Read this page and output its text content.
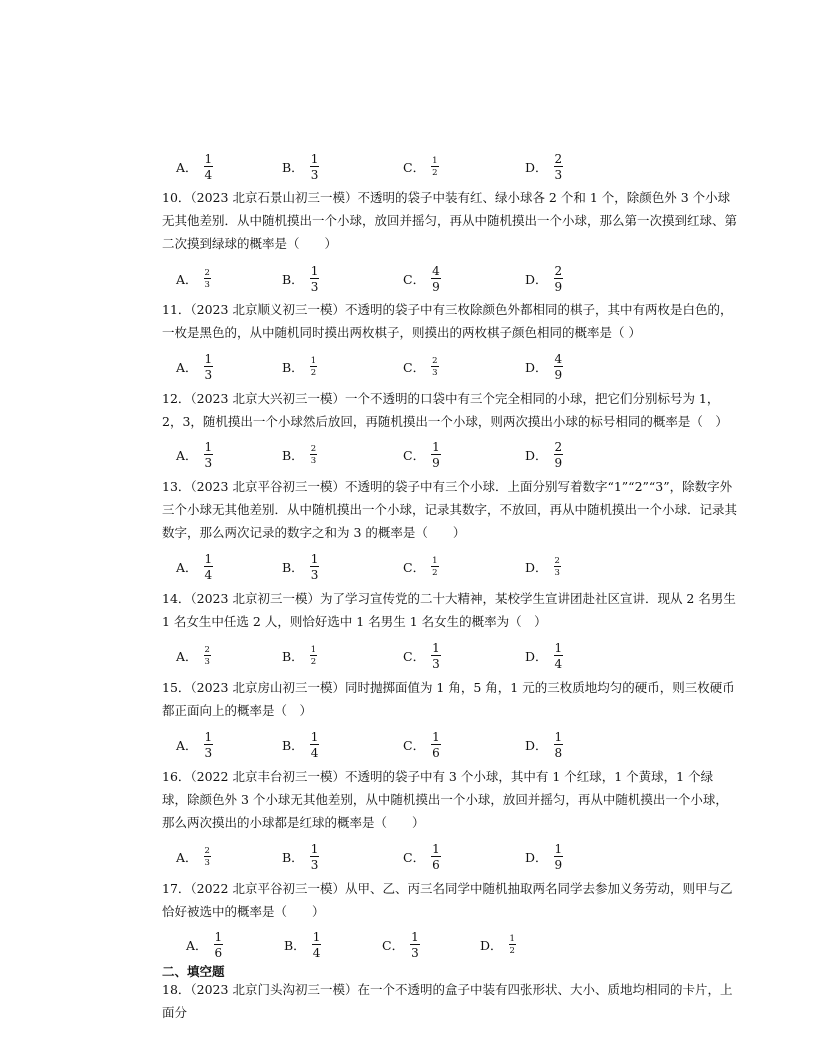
A． $\frac{1}{4}$	B． $\frac{1}{3}$	C． $\frac{1}{2}$	D． $\frac{2}{3}$
10．（2023 北京石景山初三一模）不透明的袋子中装有红、绿小球各 2 个和 1 个，除颜色外 3 个小球无其他差别．从中随机摸出一个小球，放回并摇匀，再从中随机摸出一个小球，那么第一次摸到红球、第二次摸到绿球的概率是（　　）
A． $\frac{2}{3}$	B． $\frac{1}{3}$	C． $\frac{4}{9}$	D． $\frac{2}{9}$
11．（2023 北京顺义初三一模）不透明的袋子中有三枚除颜色外都相同的棋子，其中有两枚是白色的，一枚是黑色的，从中随机同时摸出两枚棋子，则摸出的两枚棋子颜色相同的概率是（ ）
A． $\frac{1}{3}$	B． $\frac{1}{2}$	C． $\frac{2}{3}$	D． $\frac{4}{9}$
12．（2023 北京大兴初三一模）一个不透明的口袋中有三个完全相同的小球，把它们分别标号为 1，2，3，随机摸出一个小球然后放回，再随机摸出一个小球，则两次摸出小球的标号相同的概率是（　）
A． $\frac{1}{3}$	B． $\frac{2}{3}$	C． $\frac{1}{9}$	D． $\frac{2}{9}$
13．（2023 北京平谷初三一模）不透明的袋子中有三个小球．上面分别写着数字“1”“2”“3”，除数字外三个小球无其他差别．从中随机摸出一个小球，记录其数字，不放回，再从中随机摸出一个小球．记录其数字，那么两次记录的数字之和为 3 的概率是（　　）
A． $\frac{1}{4}$	B． $\frac{1}{3}$	C． $\frac{1}{2}$	D． $\frac{2}{3}$
14．（2023 北京初三一模）为了学习宣传党的二十大精神，某校学生宣讲团赴社区宣讲．现从 2 名男生 1 名女生中任选 2 人，则恰好选中 1 名男生 1 名女生的概率为（　）
A． $\frac{2}{3}$	B． $\frac{1}{2}$	C． $\frac{1}{3}$	D． $\frac{1}{4}$
15．（2023 北京房山初三一模）同时抛掷面值为 1 角，5 角，1 元的三枚质地均匀的硬币，则三枚硬币都正面向上的概率是（　）
A． $\frac{1}{3}$	B． $\frac{1}{4}$	C． $\frac{1}{6}$	D． $\frac{1}{8}$
16．（2022 北京丰台初三一模）不透明的袋子中有 3 个小球，其中有 1 个红球，1 个黄球，1 个绿球，除颜色外 3 个小球无其他差别，从中随机摸出一个小球，放回并摇匀，再从中随机摸出一个小球，那么两次摸出的小球都是红球的概率是（　　）
A． $\frac{2}{3}$	B． $\frac{1}{3}$	C． $\frac{1}{6}$	D． $\frac{1}{9}$
17．（2022 北京平谷初三一模）从甲、乙、丙三名同学中随机抽取两名同学去参加义务劳动，则甲与乙恰好被选中的概率是（　　）
A． $\frac{1}{6}$	B． $\frac{1}{4}$	C． $\frac{1}{3}$	D． $\frac{1}{2}$
二、填空题
18．（2023 北京门头沟初三一模）在一个不透明的盒子中装有四张形状、大小、质地均相同的卡片，上面分
